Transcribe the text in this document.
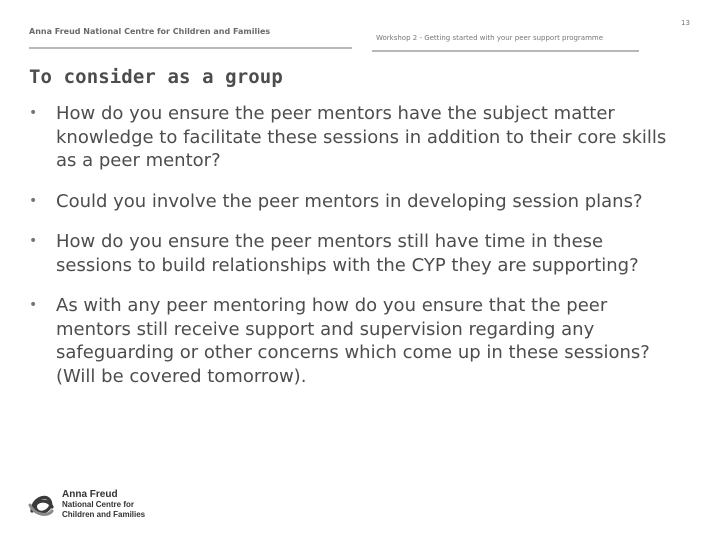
Anna Freud National Centre for Children and Families
Workshop 2 - Getting started with your peer support programme
13
To consider as a group
• How do you ensure the peer mentors have the subject matter knowledge to facilitate these sessions in addition to their core skills as a peer mentor?
• Could you involve the peer mentors in developing session plans?
• How do you ensure the peer mentors still have time in these sessions to build relationships with the CYP they are supporting?
• As with any peer mentoring how do you ensure that the peer mentors still receive support and supervision regarding any safeguarding or other concerns which come up in these sessions? (Will be covered tomorrow).
Anna Freud
National Centre for
Children and Families
